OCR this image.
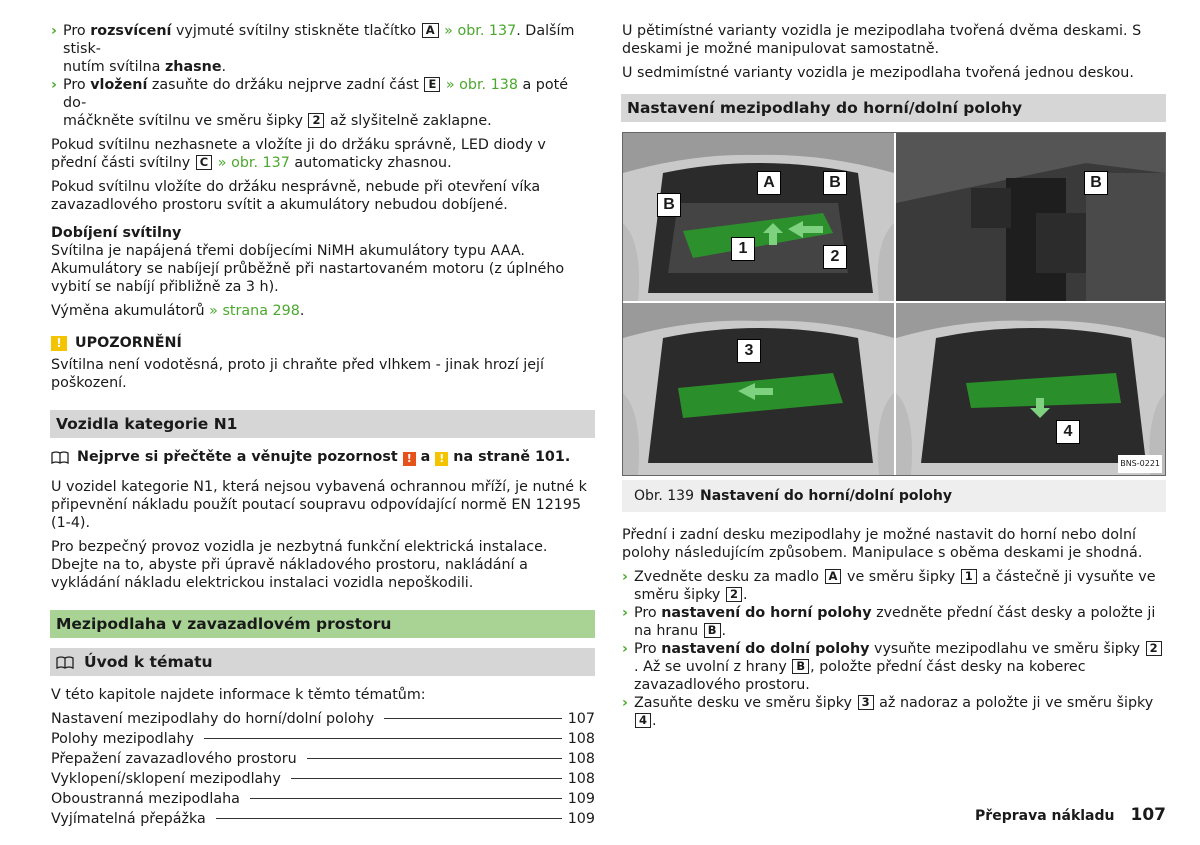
› Pro rozsvícení vyjmuté svítilny stiskněte tlačítko A » obr. 137. Dalším stisk-
nutím svítilna zhasne.
› Pro vložení zasuňte do držáku nejprve zadní část E » obr. 138 a poté do-
máčkněte svítilnu ve směru šipky 2 až slyšitelně zaklapne.

Pokud svítilnu nezhasnete a vložíte ji do držáku správně, LED diody v přední části svítilny C » obr. 137 automaticky zhasnou.

Pokud svítilnu vložíte do držáku nesprávně, nebude při otevření víka zavazadlového prostoru svítit a akumulátory nebudou dobíjené.

Dobíjení svítilny

Svítilna je napájená třemi dobíjecími NiMH akumulátory typu AAA. Akumulátory se nabíjejí průběžně při nastartovaném motoru (z úplného vybití se nabíjí přibližně za 3 h).

Výměna akumulátorů » strana 298.

! UPOZORNĚNÍ

Svítilna není vodotěsná, proto ji chraňte před vlhkem - jinak hrozí její poškození.

Vozidla kategorie N1
Nejprve si přečtěte a věnujte pozornost ! a ! na straně 101.

U vozidel kategorie N1, která nejsou vybavená ochrannou mříží, je nutné k připevnění nákladu použít poutací soupravu odpovídající normě EN 12195 (1-4).

Pro bezpečný provoz vozidla je nezbytná funkční elektrická instalace. Dbejte na to, abyste při úpravě nákladového prostoru, nakládání a vykládání nákladu elektrickou instalaci vozidla nepoškodili.

Mezipodlaha v zavazadlovém prostoru
Úvod k tématu

V této kapitole najdete informace k těmto tématům:

Nastavení mezipodlahy do horní/dolní polohy	107
Polohy mezipodlahy	108
Přepažení zavazadlového prostoru	108
Vyklopení/sklopení mezipodlahy	108
Oboustranná mezipodlaha	109
Vyjímatelná přepážka	109

U pětimístné varianty vozidla je mezipodlaha tvořená dvěma deskami. S deskami je možné manipulovat samostatně.

U sedmimístné varianty vozidla je mezipodlaha tvořená jednou deskou.

Nastavení mezipodlahy do horní/dolní polohy
A	B
B
1	2
B
3
4
BNS-0221
Obr. 139 Nastavení do horní/dolní polohy

Přední i zadní desku mezipodlahy je možné nastavit do horní nebo dolní polohy následujícím způsobem. Manipulace s oběma deskami je shodná.

› Zvedněte desku za madlo A ve směru šipky 1 a částečně ji vysuňte ve směru šipky 2 .
› Pro nastavení do horní polohy zvedněte přední část desky a položte ji na hranu B .
› Pro nastavení do dolní polohy vysuňte mezipodlahu ve směru šipky 2. Až se uvolní z hrany B , položte přední část desky na koberec zavazadlového prostoru.
› Zasuňte desku ve směru šipky 3 až nadoraz a položte ji ve směru šipky 4 .
Přeprava nákladu 107
